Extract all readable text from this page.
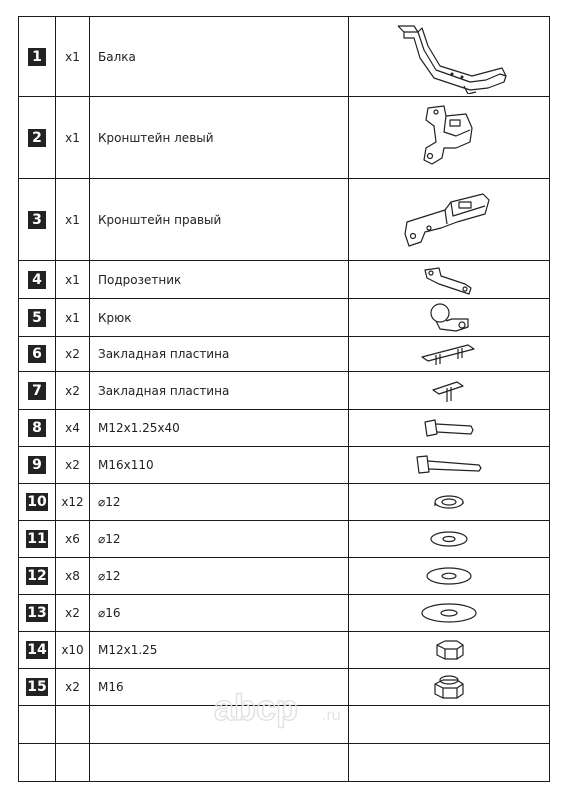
1	x1	Балка	

2	x1	Кронштейн левый	

3	x1	Кронштейн правый	

4	x1	Подрозетник	

5	x1	Крюк	

6	x2	Закладная пластина	

7	x2	Закладная пластина	

8	x4	M12x1.25x40	

9	x2	M16x110	

10	x12	⌀12	

11	x6	⌀12	

12	x8	⌀12	

13	x2	⌀16	

14	x10	M12x1.25	

15	x2	M16	

				abcp .ru
